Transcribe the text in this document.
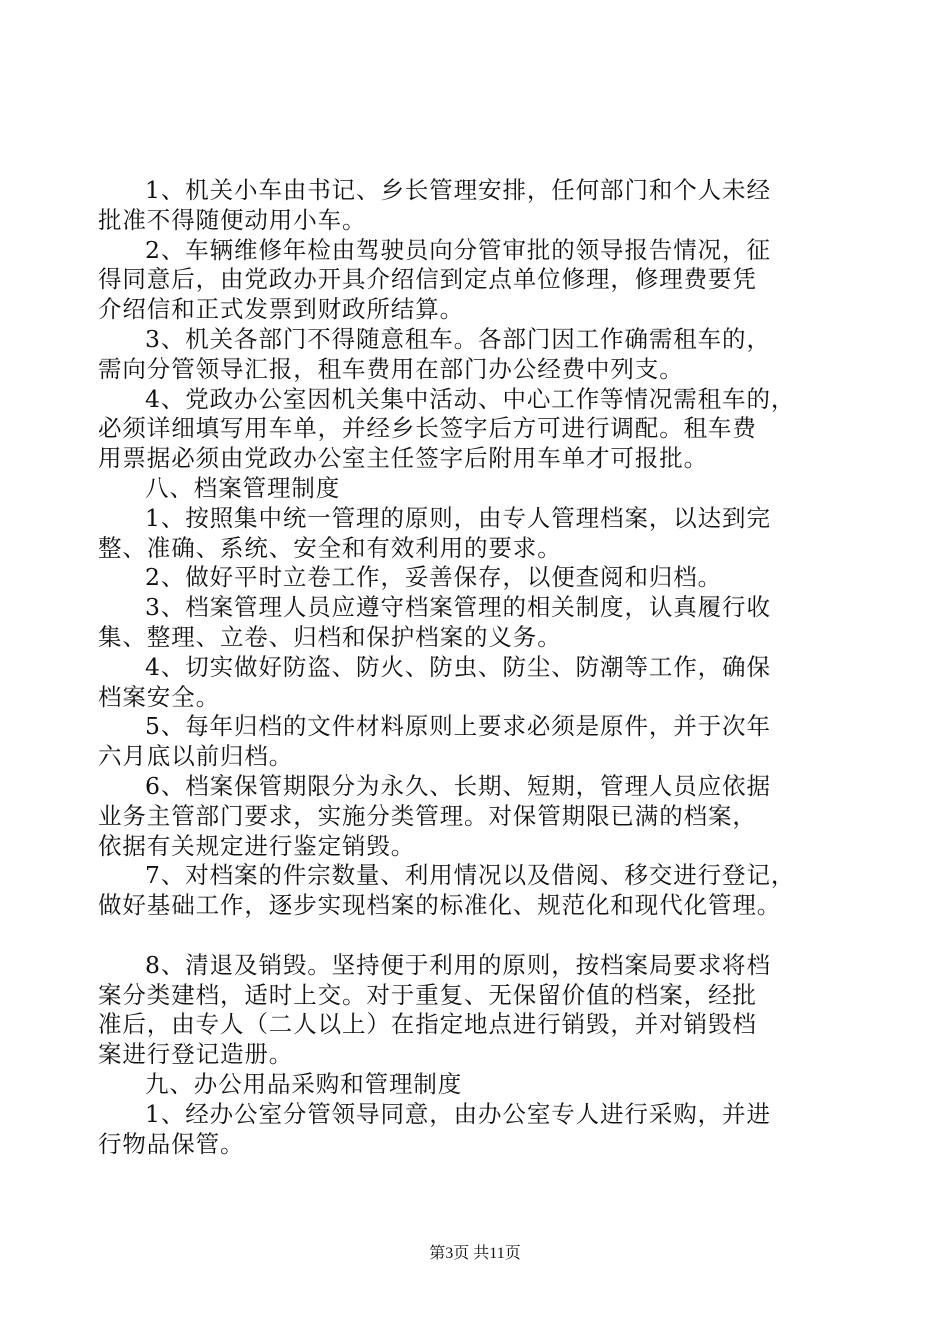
1、机关小车由书记、乡长管理安排，任何部门和个人未经
批准不得随便动用小车。

2、车辆维修年检由驾驶员向分管审批的领导报告情况，征
得同意后，由党政办开具介绍信到定点单位修理，修理费要凭
介绍信和正式发票到财政所结算。

3、机关各部门不得随意租车。各部门因工作确需租车的，
需向分管领导汇报，租车费用在部门办公经费中列支。

4、党政办公室因机关集中活动、中心工作等情况需租车的，
必须详细填写用车单，并经乡长签字后方可进行调配。租车费
用票据必须由党政办公室主任签字后附用车单才可报批。

八、档案管理制度

1、按照集中统一管理的原则，由专人管理档案，以达到完
整、准确、系统、安全和有效利用的要求。

2、做好平时立卷工作，妥善保存，以便查阅和归档。

3、档案管理人员应遵守档案管理的相关制度，认真履行收
集、整理、立卷、归档和保护档案的义务。

4、切实做好防盗、防火、防虫、防尘、防潮等工作，确保
档案安全。

5、每年归档的文件材料原则上要求必须是原件，并于次年
六月底以前归档。

6、档案保管期限分为永久、长期、短期，管理人员应依据
业务主管部门要求，实施分类管理。对保管期限已满的档案，
依据有关规定进行鉴定销毁。

7、对档案的件宗数量、利用情况以及借阅、移交进行登记，
做好基础工作，逐步实现档案的标准化、规范化和现代化管理。

8、清退及销毁。坚持便于利用的原则，按档案局要求将档
案分类建档，适时上交。对于重复、无保留价值的档案，经批
准后，由专人（二人以上）在指定地点进行销毁，并对销毁档
案进行登记造册。

九、办公用品采购和管理制度

1、经办公室分管领导同意，由办公室专人进行采购，并进
行物品保管。

第3页 共11页
